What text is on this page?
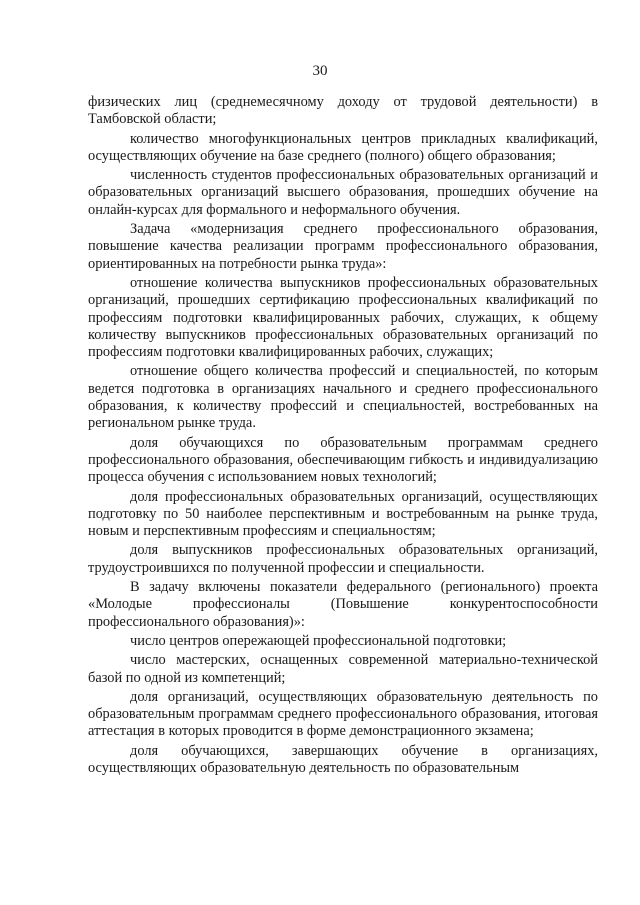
30

физических лиц (среднемесячному доходу от трудовой деятельности) в Тамбовской области;

количество многофункциональных центров прикладных квалификаций, осуществляющих обучение на базе среднего (полного) общего образования;

численность студентов профессиональных образовательных организаций и образовательных организаций высшего образования, прошедших обучение на онлайн-курсах для формального и неформального обучения.

Задача «модернизация среднего профессионального образования, повышение качества реализации программ профессионального образования, ориентированных на потребности рынка труда»:

отношение количества выпускников профессиональных образовательных организаций, прошедших сертификацию профессиональных квалификаций по профессиям подготовки квалифицированных рабочих, служащих, к общему количеству выпускников профессиональных образовательных организаций по профессиям подготовки квалифицированных рабочих, служащих;

отношение общего количества профессий и специальностей, по которым ведется подготовка в организациях начального и среднего профессионального образования, к количеству профессий и специальностей, востребованных на региональном рынке труда.

доля обучающихся по образовательным программам среднего профессионального образования, обеспечивающим гибкость и индивидуализацию процесса обучения с использованием новых технологий;

доля профессиональных образовательных организаций, осуществляющих подготовку по 50 наиболее перспективным и востребованным на рынке труда, новым и перспективным профессиям и специальностям;

доля выпускников профессиональных образовательных организаций, трудоустроившихся по полученной профессии и специальности.

В задачу включены показатели федерального (регионального) проекта «Молодые профессионалы (Повышение конкурентоспособности профессионального образования)»:

число центров опережающей профессиональной подготовки;

число мастерских, оснащенных современной материально-технической базой по одной из компетенций;

доля организаций, осуществляющих образовательную деятельность по образовательным программам среднего профессионального образования, итоговая аттестация в которых проводится в форме демонстрационного экзамена;

доля обучающихся, завершающих обучение в организациях, осуществляющих образовательную деятельность по образовательным
